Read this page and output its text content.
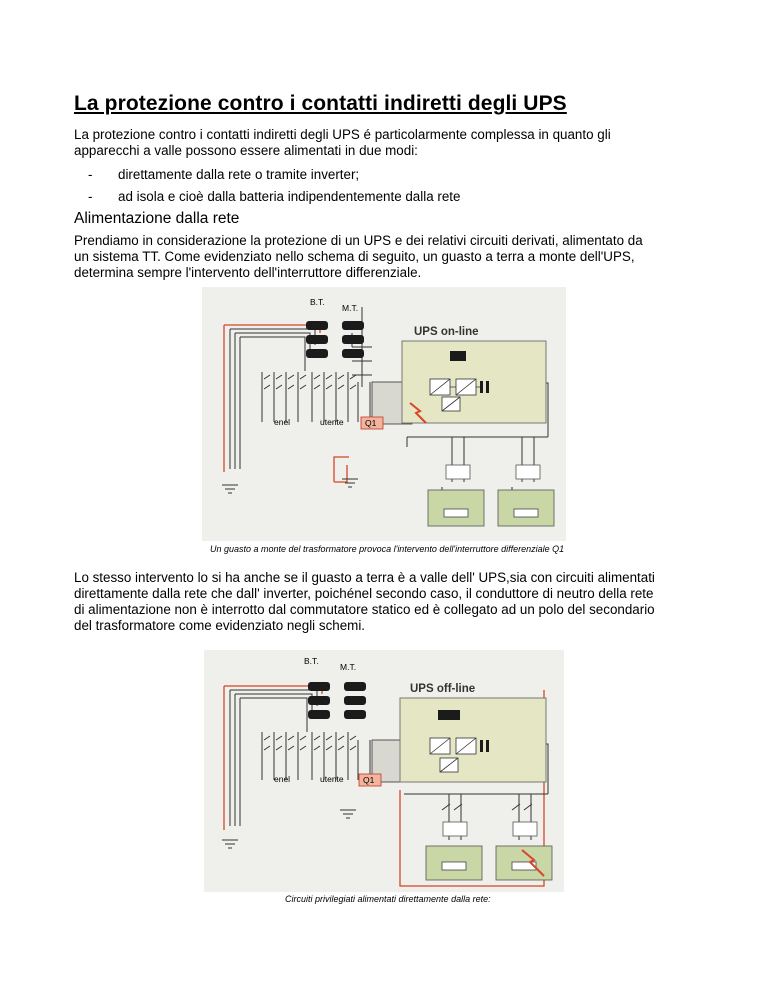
La protezione contro i contatti indiretti degli UPS

La protezione contro i contatti indiretti degli UPS é particolarmente complessa in quanto gli

apparecchi a valle possono essere alimentati in due modi:

- direttamente dalla rete o tramite inverter;
- ad isola e cioè dalla batteria indipendentemente dalla rete
Alimentazione dalla rete

Prendiamo in considerazione la protezione di un UPS e dei relativi circuiti derivati, alimentato da

un sistema TT. Come evidenziato nello schema di seguito, un guasto a terra a monte dell'UPS,

determina sempre l'intervento dell'interruttore differenziale.

B.T.
M.T.
UPS on-line
enel	utente	Q1
Un guasto a monte del trasformatore provoca l'intervento dell'interruttore differenziale Q1

Lo stesso intervento lo si ha anche se il guasto a terra è a valle dell' UPS,sia con circuiti alimentati

direttamente dalla rete che dall' inverter, poichénel secondo caso, il conduttore di neutro della rete

di alimentazione non è interrotto dal commutatore statico ed è collegato ad un polo del secondario

del trasformatore come evidenziato negli schemi.

B.T.
M.T.
UPS off-line
enel	utente Q1
Circuiti privilegiati alimentati direttamente dalla rete:
